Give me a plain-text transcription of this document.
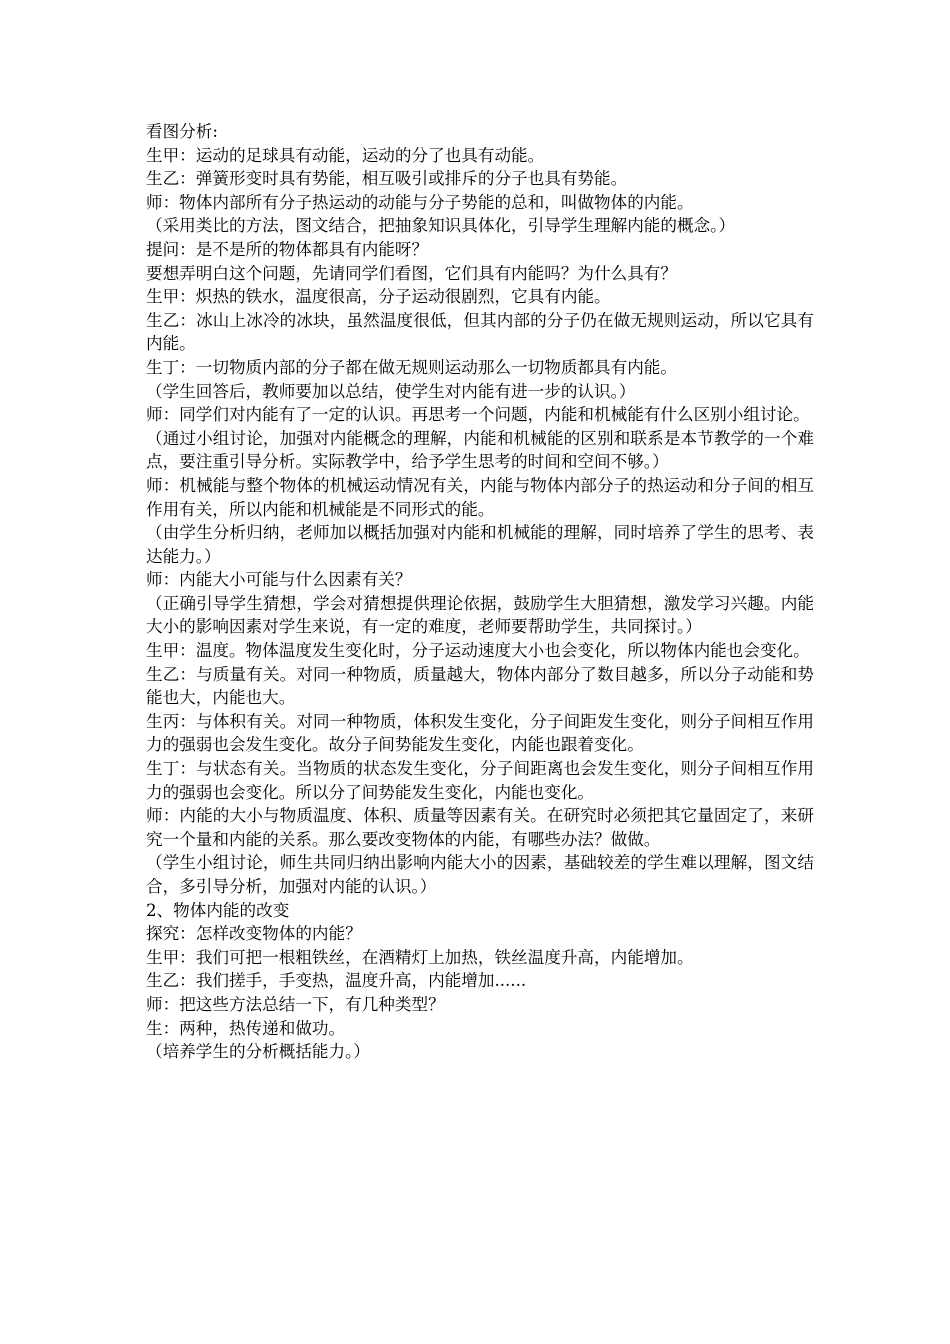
看图分析:

生甲：运动的足球具有动能，运动的分了也具有动能。

生乙：弹簧形变时具有势能，相互吸引或排斥的分子也具有势能。

师：物体内部所有分子热运动的动能与分子势能的总和，叫做物体的内能。

（采用类比的方法，图文结合，把抽象知识具体化，引导学生理解内能的概念。）

提问：是不是所的物体都具有内能呀？

要想弄明白这个问题，先请同学们看图，它们具有内能吗？为什么具有？

生甲：炽热的铁水，温度很高，分子运动很剧烈，它具有内能。

生乙：冰山上冰冷的冰块，虽然温度很低，但其内部的分子仍在做无规则运动，所以它具有内能。

生丁：一切物质内部的分子都在做无规则运动那么一切物质都具有内能。

（学生回答后，教师要加以总结，使学生对内能有进一步的认识。）

师：同学们对内能有了一定的认识。再思考一个问题，内能和机械能有什么区别小组讨论。

（通过小组讨论，加强对内能概念的理解，内能和机械能的区别和联系是本节教学的一个难点，要注重引导分析。实际教学中，给予学生思考的时间和空间不够。）

师：机械能与整个物体的机械运动情况有关，内能与物体内部分子的热运动和分子间的相互作用有关，所以内能和机械能是不同形式的能。

（由学生分析归纳，老师加以概括加强对内能和机械能的理解，同时培养了学生的思考、表达能力。）

师：内能大小可能与什么因素有关？

（正确引导学生猜想，学会对猜想提供理论依据，鼓励学生大胆猜想，激发学习兴趣。内能大小的影响因素对学生来说，有一定的难度，老师要帮助学生，共同探讨。）

生甲：温度。物体温度发生变化时，分子运动速度大小也会变化，所以物体内能也会变化。

生乙：与质量有关。对同一种物质，质量越大，物体内部分了数目越多，所以分子动能和势能也大，内能也大。

生丙：与体积有关。对同一种物质，体积发生变化，分子间距发生变化，则分子间相互作用力的强弱也会发生变化。故分子间势能发生变化，内能也跟着变化。

生丁：与状态有关。当物质的状态发生变化，分子间距离也会发生变化，则分子间相互作用力的强弱也会变化。所以分了间势能发生变化，内能也变化。

师：内能的大小与物质温度、体积、质量等因素有关。在研究时必须把其它量固定了，来研究一个量和内能的关系。那么要改变物体的内能，有哪些办法？做做。

（学生小组讨论，师生共同归纳出影响内能大小的因素，基础较差的学生难以理解，图文结合，多引导分析，加强对内能的认识。）

2、物体内能的改变

探究：怎样改变物体的内能？

生甲：我们可把一根粗铁丝，在酒精灯上加热，铁丝温度升高，内能增加。

生乙：我们搓手，手变热，温度升高，内能增加......

师：把这些方法总结一下，有几种类型？

生：两种，热传递和做功。

（培养学生的分析概括能力。）
